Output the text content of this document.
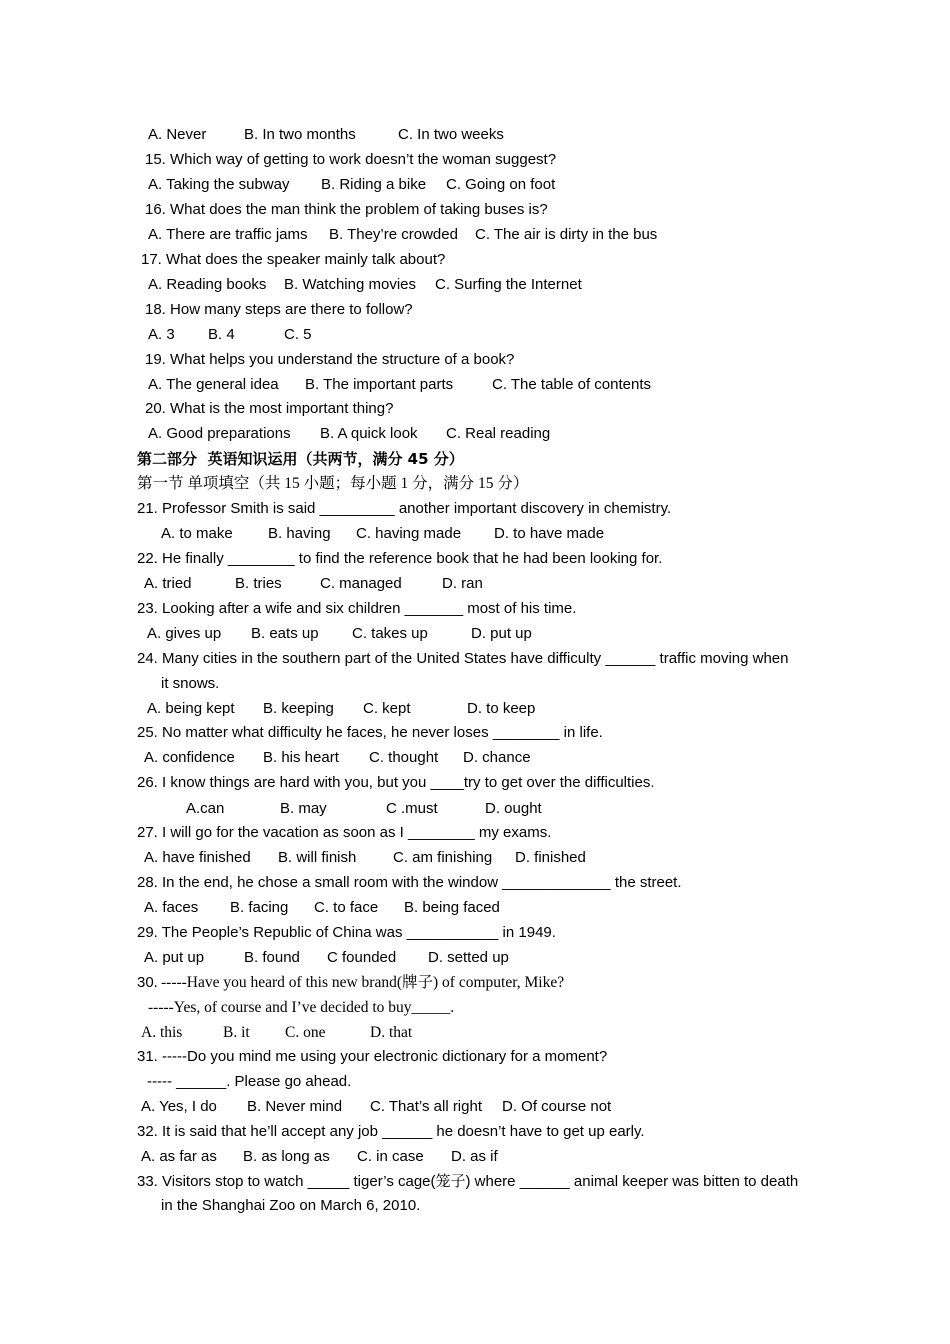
A. Never	B. In two months	C. In two weeks
15. Which way of getting to work doesn’t the woman suggest?
A. Taking the subway B. Riding a bike C. Going on foot
16. What does the man think the problem of taking buses is?
A. There are traffic jams B. They’re crowded C. The air is dirty in the bus
17. What does the speaker mainly talk about?
A. Reading books B. Watching movies C. Surfing the Internet
18. How many steps are there to follow?
A. 3 B. 4	C. 5
19. What helps you understand the structure of a book?
A. The general idea B. The important parts	C. The table of contents
20. What is the most important thing?
A. Good preparations B. A quick look C. Real reading
第二部分  英语知识运用（共两节，满分 45 分）
第一节 单项填空（共 15 小题；每小题 1 分，满分 15 分）
21. Professor Smith is said _________ another important discovery in chemistry.
A. to make B. having C. having made D. to have made
22. He finally ________ to find the reference book that he had been looking for.
A. tried	B. tries	C. managed	D. ran
23. Looking after a wife and six children _______ most of his time.
A. gives up B. eats up C. takes up	D. put up
24. Many cities in the southern part of the United States have difficulty ______ traffic moving when
it snows.
A. being kept B. keeping C. kept	D. to keep
25. No matter what difficulty he faces, he never loses ________ in life.
A. confidence B. his heart C. thought D. chance
26. I know things are hard with you, but you ____try to get over the difficulties.
A.can	B. may	C .must	D. ought
27. I will go for the vacation as soon as I ________ my exams.
A. have finished B. will finish C. am finishing D. finished
28. In the end, he chose a small room with the window _____________ the street.
A. faces B. facing C. to face B. being faced
29. The People’s Republic of China was ___________ in 1949.
A. put up	B. found C founded D. setted up
30. -----Have you heard of this new brand(牌子) of computer, Mike?
-----Yes, of course and I’ve decided to buy_____.
A. this	B. it C. one	D. that
31. -----Do you mind me using your electronic dictionary for a moment?
----- ______. Please go ahead.
A. Yes, I do B. Never mind C. That’s all right D. Of course not
32. It is said that he’ll accept any job ______ he doesn’t have to get up early.
A. as far as B. as long as C. in case D. as if
33. Visitors stop to watch _____ tiger’s cage(笼子) where ______ animal keeper was bitten to death
in the Shanghai Zoo on March 6, 2010.
